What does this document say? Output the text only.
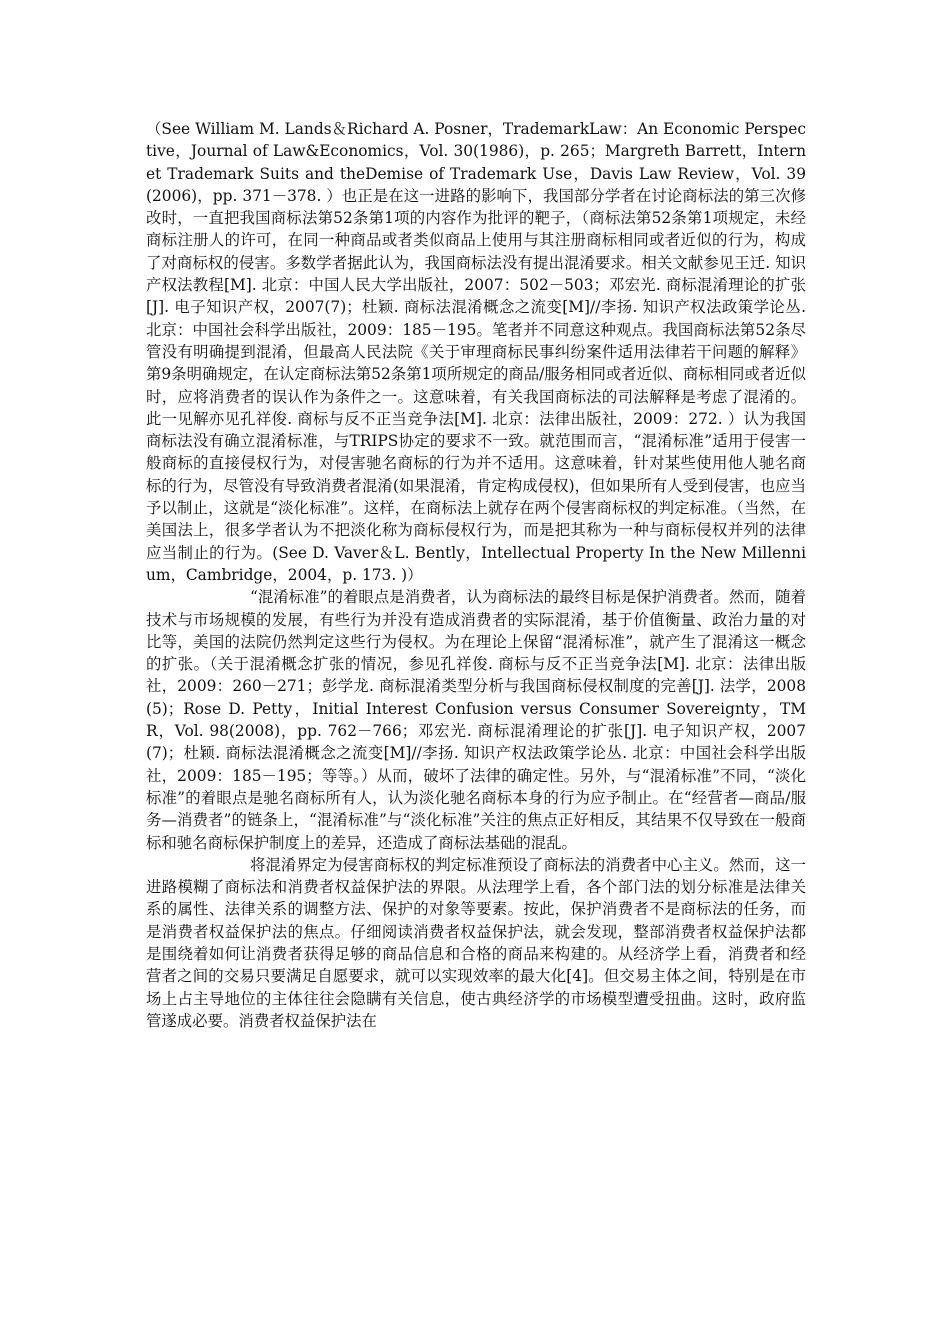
（See William M. Lands＆Richard A. Posner，TrademarkLaw：An Economic Perspective，Journal of Law&Economics，Vol. 30(1986)，p. 265；Margreth Barrett，Internet Trademark Suits and theDemise of Trademark Use，Davis Law Review，Vol. 39(2006)，pp. 371－378. ）也正是在这一进路的影响下，我国部分学者在讨论商标法的第三次修改时，一直把我国商标法第52条第1项的内容作为批评的靶子，（商标法第52条第1项规定，未经商标注册人的许可，在同一种商品或者类似商品上使用与其注册商标相同或者近似的行为，构成了对商标权的侵害。多数学者据此认为，我国商标法没有提出混淆要求。相关文献参见王迁. 知识产权法教程[M]. 北京：中国人民大学出版社，2007：502－503；邓宏光. 商标混淆理论的扩张[J]. 电子知识产权，2007(7)；杜颖. 商标法混淆概念之流变[M]//李扬. 知识产权法政策学论丛. 北京：中国社会科学出版社，2009：185－195。笔者并不同意这种观点。我国商标法第52条尽管没有明确提到混淆，但最高人民法院《关于审理商标民事纠纷案件适用法律若干问题的解释》第9条明确规定，在认定商标法第52条第1项所规定的商品/服务相同或者近似、商标相同或者近似时，应将消费者的误认作为条件之一。这意味着，有关我国商标法的司法解释是考虑了混淆的。此一见解亦见孔祥俊. 商标与反不正当竞争法[M]. 北京：法律出版社，2009：272. ）认为我国商标法没有确立混淆标准，与TRIPS协定的要求不一致。就范围而言，“混淆标准”适用于侵害一般商标的直接侵权行为，对侵害驰名商标的行为并不适用。这意味着，针对某些使用他人驰名商标的行为，尽管没有导致消费者混淆(如果混淆，肯定构成侵权)，但如果所有人受到侵害，也应当予以制止，这就是“淡化标准”。这样，在商标法上就存在两个侵害商标权的判定标准。（当然，在美国法上，很多学者认为不把淡化称为商标侵权行为，而是把其称为一种与商标侵权并列的法律应当制止的行为。(See D. Vaver＆L. Bently，Intellectual Property In the New Millennium，Cambridge，2004，p. 173. )）

“混淆标准”的着眼点是消费者，认为商标法的最终目标是保护消费者。然而，随着技术与市场规模的发展，有些行为并没有造成消费者的实际混淆，基于价值衡量、政治力量的对比等，美国的法院仍然判定这些行为侵权。为在理论上保留“混淆标准”，就产生了混淆这一概念的扩张。（关于混淆概念扩张的情况，参见孔祥俊. 商标与反不正当竞争法[M]. 北京：法律出版社，2009：260－271；彭学龙. 商标混淆类型分析与我国商标侵权制度的完善[J]. 法学，2008(5)；Rose D. Petty，Initial Interest Confusion versus Consumer Sovereignty，TMR，Vol. 98(2008)，pp. 762－766；邓宏光. 商标混淆理论的扩张[J]. 电子知识产权，2007(7)；杜颖. 商标法混淆概念之流变[M]//李扬. 知识产权法政策学论丛. 北京：中国社会科学出版社，2009：185－195；等等。）从而，破坏了法律的确定性。另外，与“混淆标准”不同，“淡化标准”的着眼点是驰名商标所有人，认为淡化驰名商标本身的行为应予制止。在“经营者—商品/服务—消费者”的链条上，“混淆标准”与“淡化标准”关注的焦点正好相反，其结果不仅导致在一般商标和驰名商标保护制度上的差异，还造成了商标法基础的混乱。

将混淆界定为侵害商标权的判定标准预设了商标法的消费者中心主义。然而，这一进路模糊了商标法和消费者权益保护法的界限。从法理学上看，各个部门法的划分标准是法律关系的属性、法律关系的调整方法、保护的对象等要素。按此，保护消费者不是商标法的任务，而是消费者权益保护法的焦点。仔细阅读消费者权益保护法，就会发现，整部消费者权益保护法都是围绕着如何让消费者获得足够的商品信息和合格的商品来构建的。从经济学上看，消费者和经营者之间的交易只要满足自愿要求，就可以实现效率的最大化[4]。但交易主体之间，特别是在市场上占主导地位的主体往往会隐瞒有关信息，使古典经济学的市场模型遭受扭曲。这时，政府监管遂成必要。消费者权益保护法在
